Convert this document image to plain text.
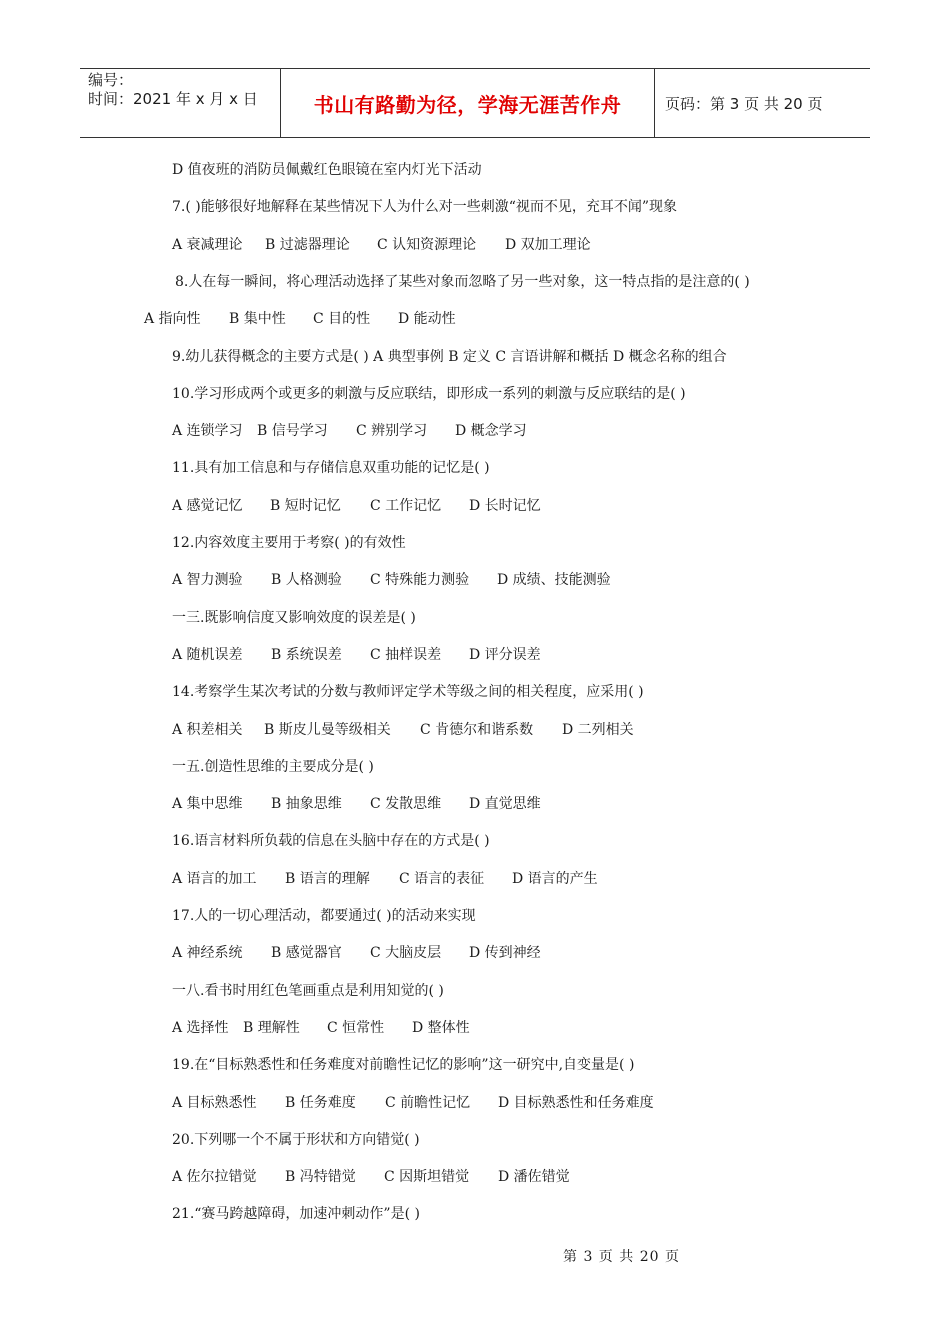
编号：
时间：2021 年 x 月 x 日	书山有路勤为径，学海无涯苦作舟	页码：第 3 页 共 20 页
D 值夜班的消防员佩戴红色眼镜在室内灯光下活动
7.( )能够很好地解释在某些情况下人为什么对一些刺激“视而不见，充耳不闻”现象
A 衰减理论 B 过滤器理论 C 认知资源理论 D 双加工理论
8.人在每一瞬间，将心理活动选择了某些对象而忽略了另一些对象，这一特点指的是注意的( )
A 指向性 B 集中性 C 目的性 D 能动性
9.幼儿获得概念的主要方式是( ) A 典型事例 B 定义 C 言语讲解和概括 D 概念名称的组合
10.学习形成两个或更多的刺激与反应联结，即形成一系列的刺激与反应联结的是( )
A 连锁学习 B 信号学习 C 辨别学习 D 概念学习
11.具有加工信息和与存储信息双重功能的记忆是( )
A 感觉记忆 B 短时记忆 C 工作记忆 D 长时记忆
12.内容效度主要用于考察( )的有效性
A 智力测验 B 人格测验 C 特殊能力测验 D 成绩、技能测验
一三.既影响信度又影响效度的误差是( )
A 随机误差 B 系统误差 C 抽样误差 D 评分误差
14.考察学生某次考试的分数与教师评定学术等级之间的相关程度，应采用( )
A 积差相关 B 斯皮儿曼等级相关 C 肯德尔和谐系数 D 二列相关
一五.创造性思维的主要成分是( )
A 集中思维 B 抽象思维 C 发散思维 D 直觉思维
16.语言材料所负载的信息在头脑中存在的方式是( )
A 语言的加工 B 语言的理解 C 语言的表征 D 语言的产生
17.人的一切心理活动，都要通过( )的活动来实现
A 神经系统 B 感觉器官 C 大脑皮层 D 传到神经
一八.看书时用红色笔画重点是利用知觉的( )
A 选择性 B 理解性 C 恒常性 D 整体性
19.在“目标熟悉性和任务难度对前瞻性记忆的影响”这一研究中,自变量是( )
A 目标熟悉性 B 任务难度 C 前瞻性记忆 D 目标熟悉性和任务难度
20.下列哪一个不属于形状和方向错觉( )
A 佐尔拉错觉 B 冯特错觉 C 因斯坦错觉 D 潘佐错觉
21.“赛马跨越障碍，加速冲刺动作”是( )
第 3 页 共 20 页
